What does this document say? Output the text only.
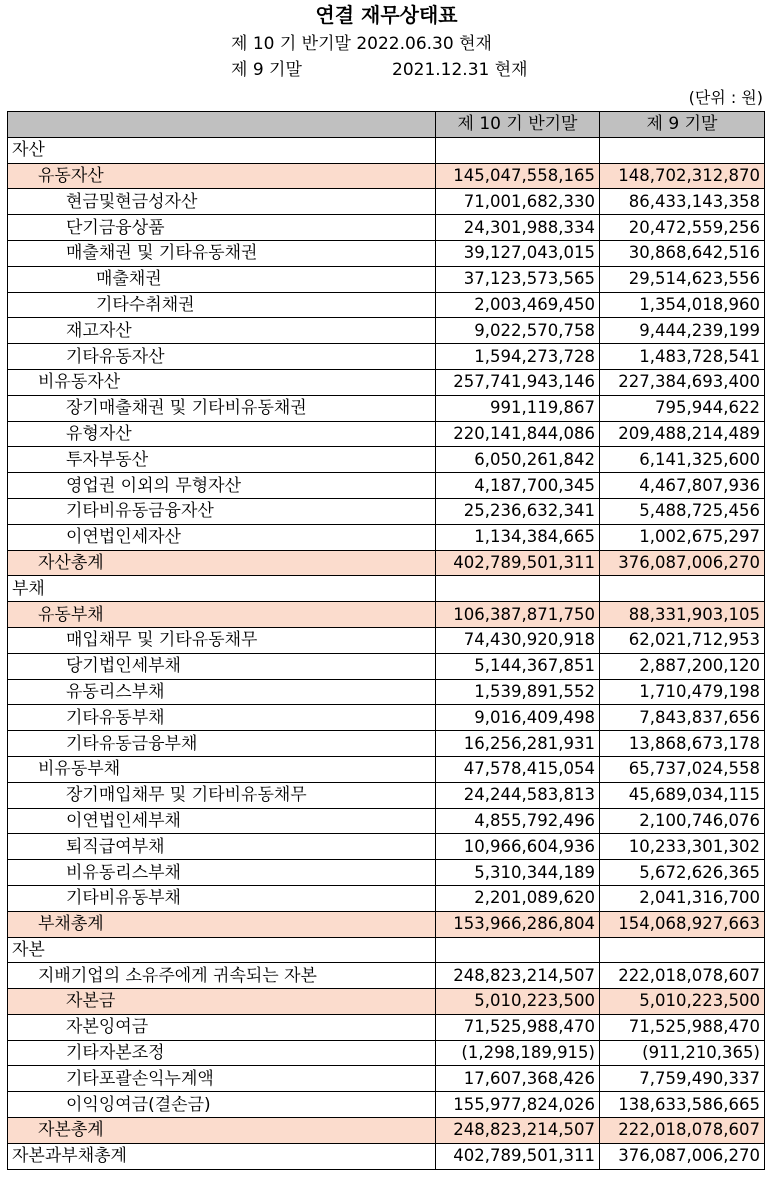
연결 재무상태표
제 10 기 반기말 2022.06.30 현재
제 9 기말	2021.12.31 현재
(단위 : 원)
	제 10 기 반기말	제 9 기말
자산		
유동자산	145,047,558,165	148,702,312,870
현금및현금성자산	71,001,682,330	86,433,143,358
단기금융상품	24,301,988,334	20,472,559,256
매출채권 및 기타유동채권	39,127,043,015	30,868,642,516
매출채권	37,123,573,565	29,514,623,556
기타수취채권	2,003,469,450	1,354,018,960
재고자산	9,022,570,758	9,444,239,199
기타유동자산	1,594,273,728	1,483,728,541
비유동자산	257,741,943,146	227,384,693,400
장기매출채권 및 기타비유동채권	991,119,867	795,944,622
유형자산	220,141,844,086	209,488,214,489
투자부동산	6,050,261,842	6,141,325,600
영업권 이외의 무형자산	4,187,700,345	4,467,807,936
기타비유동금융자산	25,236,632,341	5,488,725,456
이연법인세자산	1,134,384,665	1,002,675,297
자산총계	402,789,501,311	376,087,006,270
부채		
유동부채	106,387,871,750	88,331,903,105
매입채무 및 기타유동채무	74,430,920,918	62,021,712,953
당기법인세부채	5,144,367,851	2,887,200,120
유동리스부채	1,539,891,552	1,710,479,198
기타유동부채	9,016,409,498	7,843,837,656
기타유동금융부채	16,256,281,931	13,868,673,178
비유동부채	47,578,415,054	65,737,024,558
장기매입채무 및 기타비유동채무	24,244,583,813	45,689,034,115
이연법인세부채	4,855,792,496	2,100,746,076
퇴직급여부채	10,966,604,936	10,233,301,302
비유동리스부채	5,310,344,189	5,672,626,365
기타비유동부채	2,201,089,620	2,041,316,700
부채총계	153,966,286,804	154,068,927,663
자본		
지배기업의 소유주에게 귀속되는 자본	248,823,214,507	222,018,078,607
자본금	5,010,223,500	5,010,223,500
자본잉여금	71,525,988,470	71,525,988,470
기타자본조정	(1,298,189,915)	(911,210,365)
기타포괄손익누계액	17,607,368,426	7,759,490,337
이익잉여금(결손금)	155,977,824,026	138,633,586,665
자본총계	248,823,214,507	222,018,078,607
자본과부채총계	402,789,501,311	376,087,006,270
